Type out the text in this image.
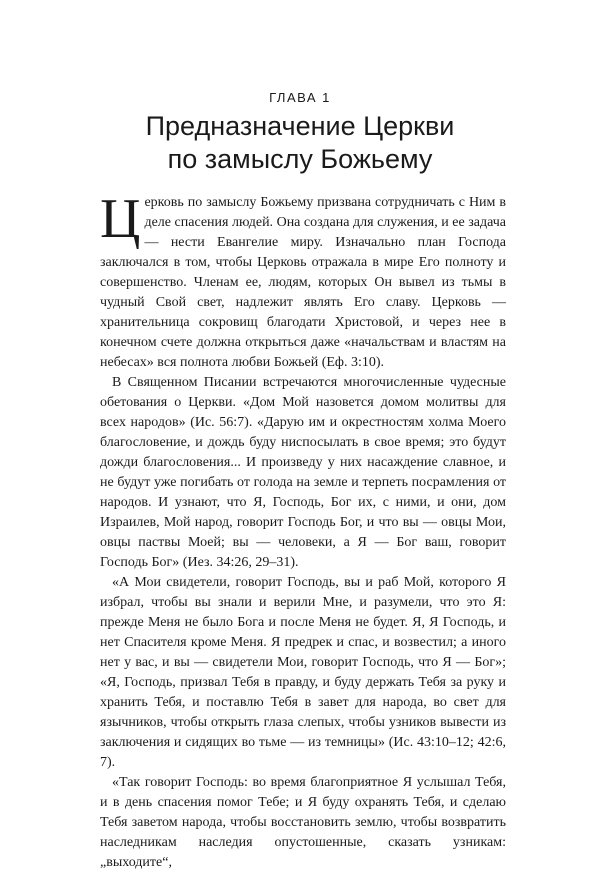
ГЛАВА 1
Предназначение Церкви
по замыслу Божьему

Церковь по замыслу Божьему призвана сотрудничать с Ним в деле спасения людей. Она создана для служения, и ее задача — нести Евангелие миру. Изначально план Господа заключался в том, чтобы Церковь отражала в мире Его полноту и совершенство. Членам ее, людям, которых Он вывел из тьмы в чудный Свой свет, надлежит являть Его славу. Церковь — хранительница сокровищ благодати Христовой, и через нее в конечном счете должна открыться даже «начальствам и властям на небесах» вся полнота любви Божьей (Еф. 3:10).

В Священном Писании встречаются многочисленные чудесные обетования о Церкви. «Дом Мой назовется домом молитвы для всех народов» (Ис. 56:7). «Дарую им и окрестностям холма Моего благословение, и дождь буду ниспосылать в свое время; это будут дожди благословения... И произведу у них насаждение славное, и не будут уже погибать от голода на земле и терпеть посрамления от народов. И узнают, что Я, Господь, Бог их, с ними, и они, дом Израилев, Мой народ, говорит Господь Бог, и что вы — овцы Мои, овцы паствы Моей; вы — человеки, а Я — Бог ваш, говорит Господь Бог» (Иез. 34:26, 29–31).

«А Мои свидетели, говорит Господь, вы и раб Мой, которого Я избрал, чтобы вы знали и верили Мне, и разумели, что это Я: прежде Меня не было Бога и после Меня не будет. Я, Я Господь, и нет Спасителя кроме Меня. Я предрек и спас, и возвестил; а иного нет у вас, и вы — свидетели Мои, говорит Господь, что Я — Бог»; «Я, Господь, призвал Тебя в правду, и буду держать Тебя за руку и хранить Тебя, и поставлю Тебя в завет для народа, во свет для язычников, чтобы открыть глаза слепых, чтобы узников вывести из заключения и сидящих во тьме — из темницы» (Ис. 43:10–12; 42:6, 7).

«Так говорит Господь: во время благоприятное Я услышал Тебя, и в день спасения помог Тебе; и Я буду охранять Тебя, и сделаю Тебя заветом народа, чтобы восстановить землю, чтобы возвратить наследникам наследия опустошенные, сказать узникам: „выходите“,
